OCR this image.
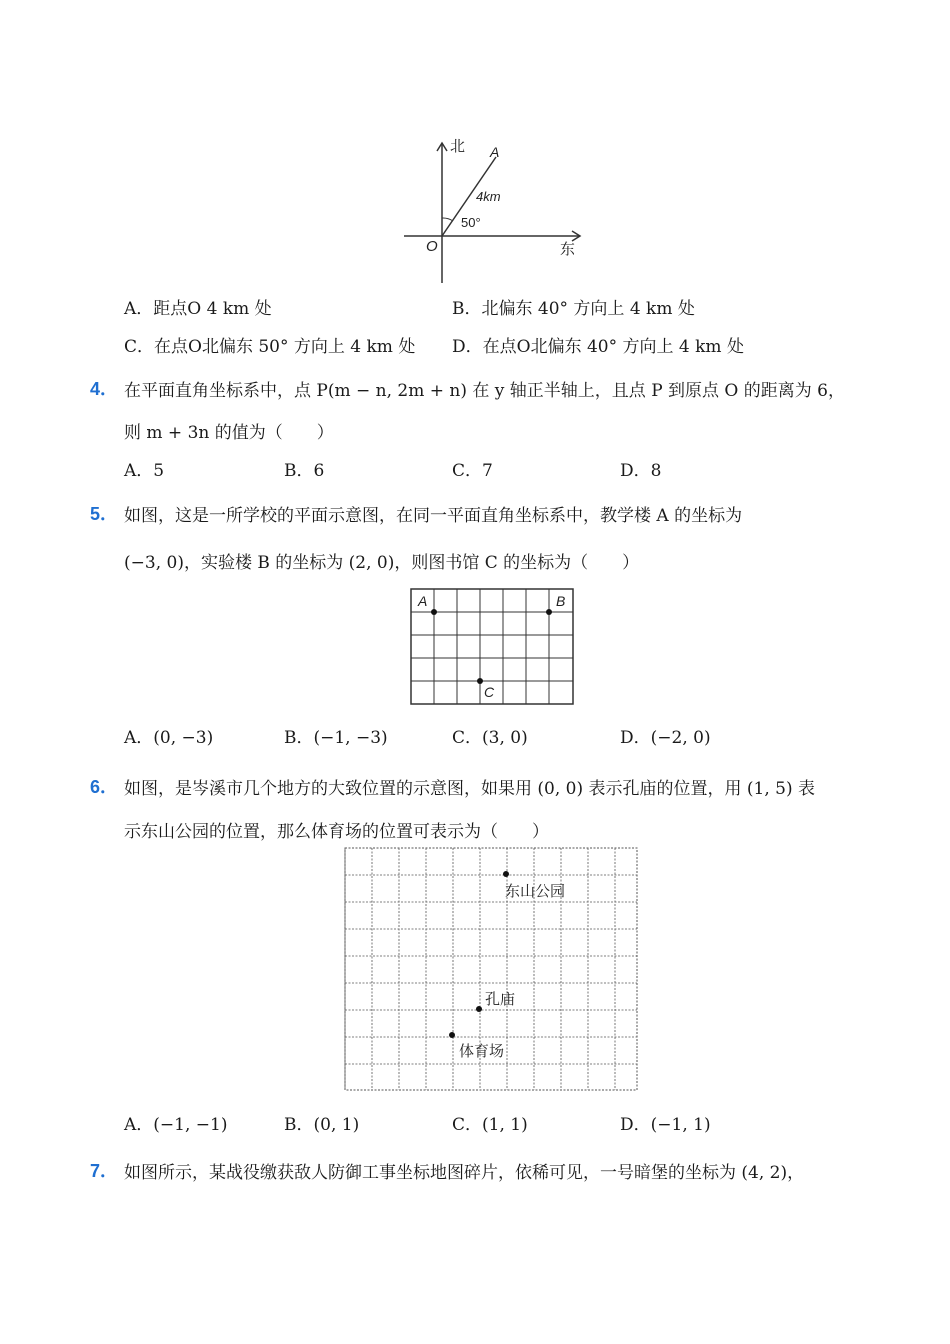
北
东
O
A
4km
50°
A．距点O 4 km 处	B．北偏东 40° 方向上 4 km 处
C．在点O北偏东 50° 方向上 4 km 处 D．在点O北偏东 40° 方向上 4 km 处
4． 在平面直角坐标系中，点 P(m − n, 2m + n) 在 y 轴正半轴上，且点 P 到原点 O 的距离为 6，
则 m + 3n 的值为（　　）
A．5	B．6	C．7	D．8
5． 如图，这是一所学校的平面示意图，在同一平面直角坐标系中，教学楼 A 的坐标为
(−3, 0)，实验楼 B 的坐标为 (2, 0)，则图书馆 C 的坐标为（　　）
A	B
C
A．(0, −3)	B．(−1, −3)	C．(3, 0)	D．(−2, 0)
6． 如图，是岑溪市几个地方的大致位置的示意图，如果用 (0, 0) 表示孔庙的位置，用 (1, 5) 表
示东山公园的位置，那么体育场的位置可表示为（　　）
东山公园
孔庙
体育场
A．(−1, −1)	B．(0, 1)	C．(1, 1)	D．(−1, 1)
7． 如图所示，某战役缴获敌人防御工事坐标地图碎片，依稀可见，一号暗堡的坐标为 (4, 2)，
